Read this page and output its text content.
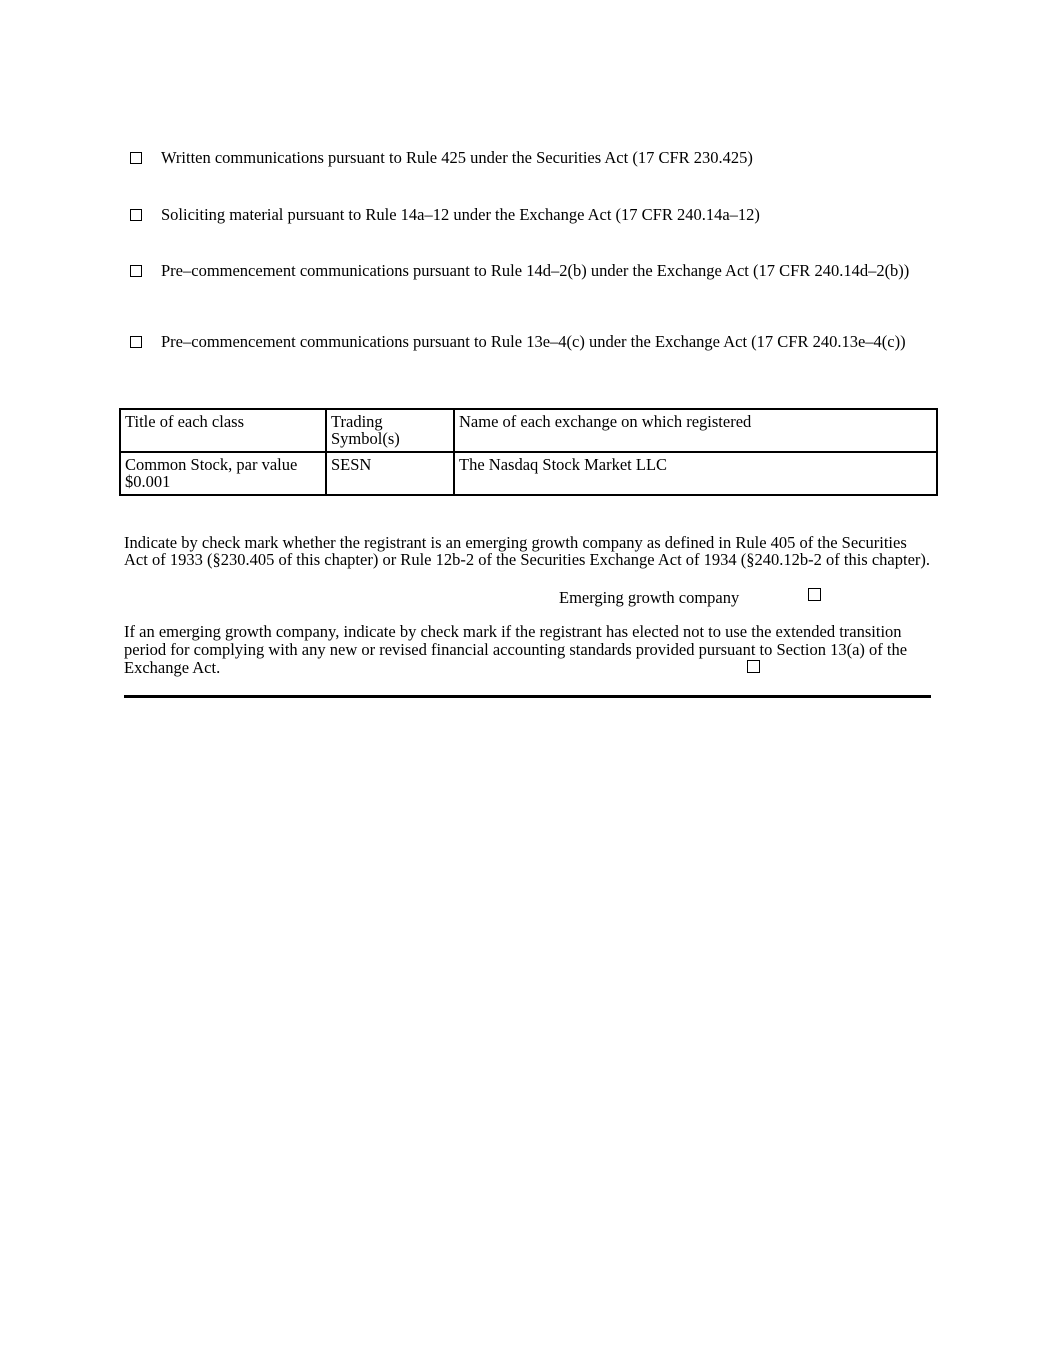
Written communications pursuant to Rule 425 under the Securities Act (17 CFR 230.425)
Soliciting material pursuant to Rule 14a–12 under the Exchange Act (17 CFR 240.14a–12)
Pre–commencement communications pursuant to Rule 14d–2(b) under the Exchange Act (17 CFR 240.14d–2(b))
Pre–commencement communications pursuant to Rule 13e–4(c) under the Exchange Act (17 CFR 240.13e–4(c))
Title of each class	Trading Symbol(s)	Name of each exchange on which registered
Common Stock, par value $0.001	SESN	The Nasdaq Stock Market LLC
Indicate by check mark whether the registrant is an emerging growth company as defined in Rule 405 of the Securities Act of 1933 (§230.405 of this chapter) or Rule 12b-2 of the Securities Exchange Act of 1934 (§240.12b-2 of this chapter).
Emerging growth company
If an emerging growth company, indicate by check mark if the registrant has elected not to use the extended transition period for complying with any new or revised financial accounting standards provided pursuant to Section 13(a) of the Exchange Act.
